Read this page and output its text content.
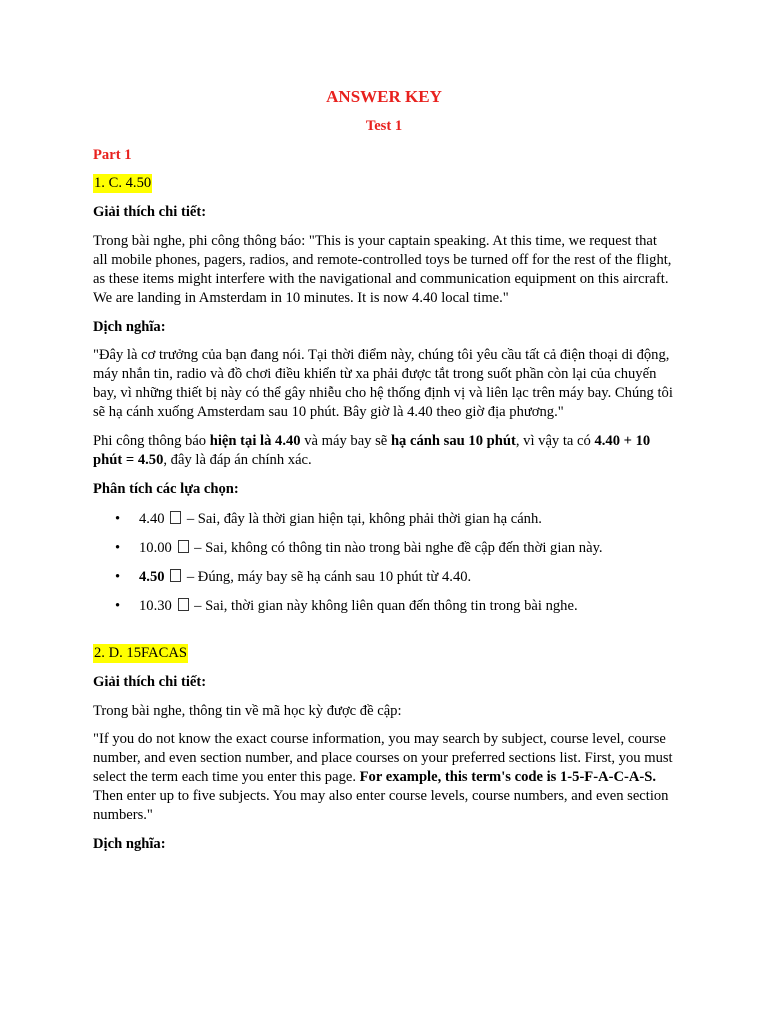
ANSWER KEY
Test 1

Part 1

1. C. 4.50

Giải thích chi tiết:

Trong bài nghe, phi công thông báo: "This is your captain speaking. At this time, we request that all mobile phones, pagers, radios, and remote-controlled toys be turned off for the rest of the flight, as these items might interfere with the navigational and communication equipment on this aircraft. We are landing in Amsterdam in 10 minutes. It is now 4.40 local time."

Dịch nghĩa:

"Đây là cơ trưởng của bạn đang nói. Tại thời điểm này, chúng tôi yêu cầu tất cả điện thoại di động, máy nhắn tin, radio và đồ chơi điều khiển từ xa phải được tắt trong suốt phần còn lại của chuyến bay, vì những thiết bị này có thể gây nhiễu cho hệ thống định vị và liên lạc trên máy bay. Chúng tôi sẽ hạ cánh xuống Amsterdam sau 10 phút. Bây giờ là 4.40 theo giờ địa phương."

Phi công thông báo hiện tại là 4.40 và máy bay sẽ hạ cánh sau 10 phút, vì vậy ta có 4.40 + 10 phút = 4.50, đây là đáp án chính xác.

Phân tích các lựa chọn:

• 4.40  – Sai, đây là thời gian hiện tại, không phải thời gian hạ cánh.
• 10.00  – Sai, không có thông tin nào trong bài nghe đề cập đến thời gian này.
• 4.50  – Đúng, máy bay sẽ hạ cánh sau 10 phút từ 4.40.
• 10.30  – Sai, thời gian này không liên quan đến thông tin trong bài nghe.

2. D. 15FACAS

Giải thích chi tiết:

Trong bài nghe, thông tin về mã học kỳ được đề cập:

"If you do not know the exact course information, you may search by subject, course level, course number, and even section number, and place courses on your preferred sections list. First, you must select the term each time you enter this page. For example, this term's code is 1-5-F-A-C-A-S. Then enter up to five subjects. You may also enter course levels, course numbers, and even section numbers."

Dịch nghĩa:
